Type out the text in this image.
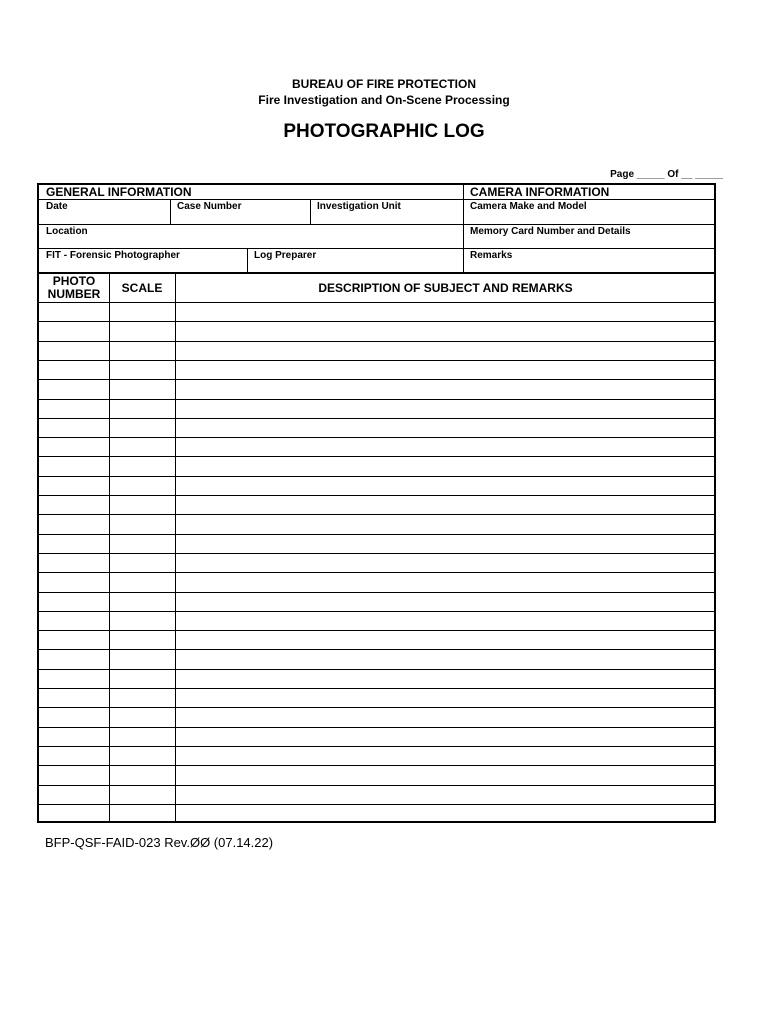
BUREAU OF FIRE PROTECTION
Fire Investigation and On-Scene Processing
PHOTOGRAPHIC LOG
Page _____ Of __ _____
GENERAL INFORMATION	CAMERA INFORMATION
Date	Case Number	Investigation Unit	Camera Make and Model
Location	Memory Card Number and Details
FIT - Forensic Photographer	Log Preparer	Remarks
PHOTO NUMBER	SCALE	DESCRIPTION OF SUBJECT AND REMARKS
BFP-QSF-FAID-023 Rev.ØØ (07.14.22)
